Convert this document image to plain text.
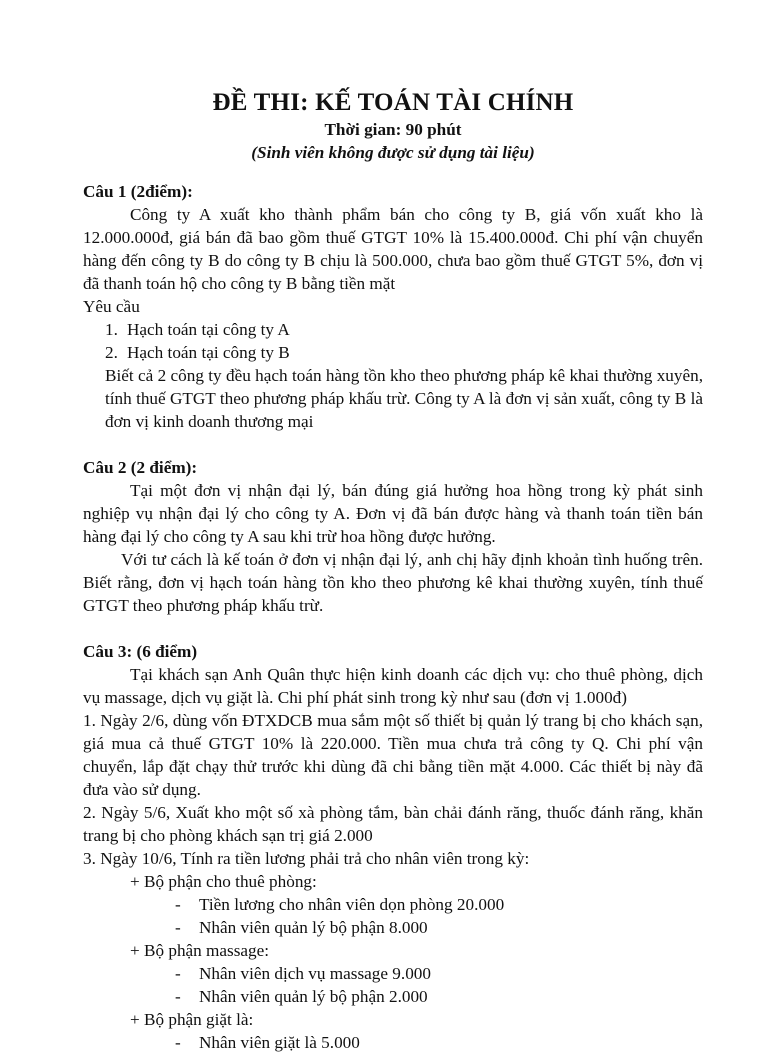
ĐỀ THI: KẾ TOÁN TÀI CHÍNH

Thời gian: 90 phút

(Sinh viên không được sử dụng tài liệu)

Câu 1 (2điểm):

Công ty A xuất kho thành phẩm bán cho công ty B, giá vốn xuất kho là 12.000.000đ, giá bán đã bao gồm thuế GTGT 10% là 15.400.000đ. Chi phí vận chuyển hàng đến công ty B do công ty B chịu là 500.000, chưa bao gồm thuế GTGT 5%, đơn vị đã thanh toán hộ cho công ty B bằng tiền mặt

Yêu cầu

1. Hạch toán tại công ty A
2. Hạch toán tại công ty B

Biết cả 2 công ty đều hạch toán hàng tồn kho theo phương pháp kê khai thường xuyên, tính thuế GTGT theo phương pháp khấu trừ. Công ty A là đơn vị sản xuất, công ty B là đơn vị kinh doanh thương mại

Câu 2 (2 điểm):

Tại một đơn vị nhận đại lý, bán đúng giá hưởng hoa hồng trong kỳ phát sinh nghiệp vụ nhận đại lý cho công ty A. Đơn vị đã bán được hàng và thanh toán tiền bán hàng đại lý cho công ty A sau khi trừ hoa hồng được hưởng.

Với tư cách là kế toán ở đơn vị nhận đại lý, anh chị hãy định khoản tình huống trên. Biết rằng, đơn vị hạch toán hàng tồn kho theo phương kê khai thường xuyên, tính thuế GTGT theo phương pháp khấu trừ.

Câu 3: (6 điểm)

Tại khách sạn Anh Quân thực hiện kinh doanh các dịch vụ: cho thuê phòng, dịch vụ massage, dịch vụ giặt là. Chi phí phát sinh trong kỳ như sau (đơn vị 1.000đ)

1. Ngày 2/6, dùng vốn ĐTXDCB mua sắm một số thiết bị quản lý trang bị cho khách sạn, giá mua cả thuế GTGT 10% là 220.000. Tiền mua chưa trả công ty Q. Chi phí vận chuyển, lắp đặt chạy thử trước khi dùng đã chi bằng tiền mặt 4.000. Các thiết bị này đã đưa vào sử dụng.

2. Ngày 5/6, Xuất kho một số xà phòng tắm, bàn chải đánh răng, thuốc đánh răng, khăn trang bị cho phòng khách sạn trị giá 2.000

3. Ngày 10/6, Tính ra tiền lương phải trả cho nhân viên trong kỳ:

+ Bộ phận cho thuê phòng:

-	Tiền lương cho nhân viên dọn phòng 20.000
-	Nhân viên quản lý bộ phận 8.000

+ Bộ phận massage:

-	Nhân viên dịch vụ massage 9.000
-	Nhân viên quản lý bộ phận 2.000

+ Bộ phận giặt là:

-	Nhân viên giặt là 5.000
